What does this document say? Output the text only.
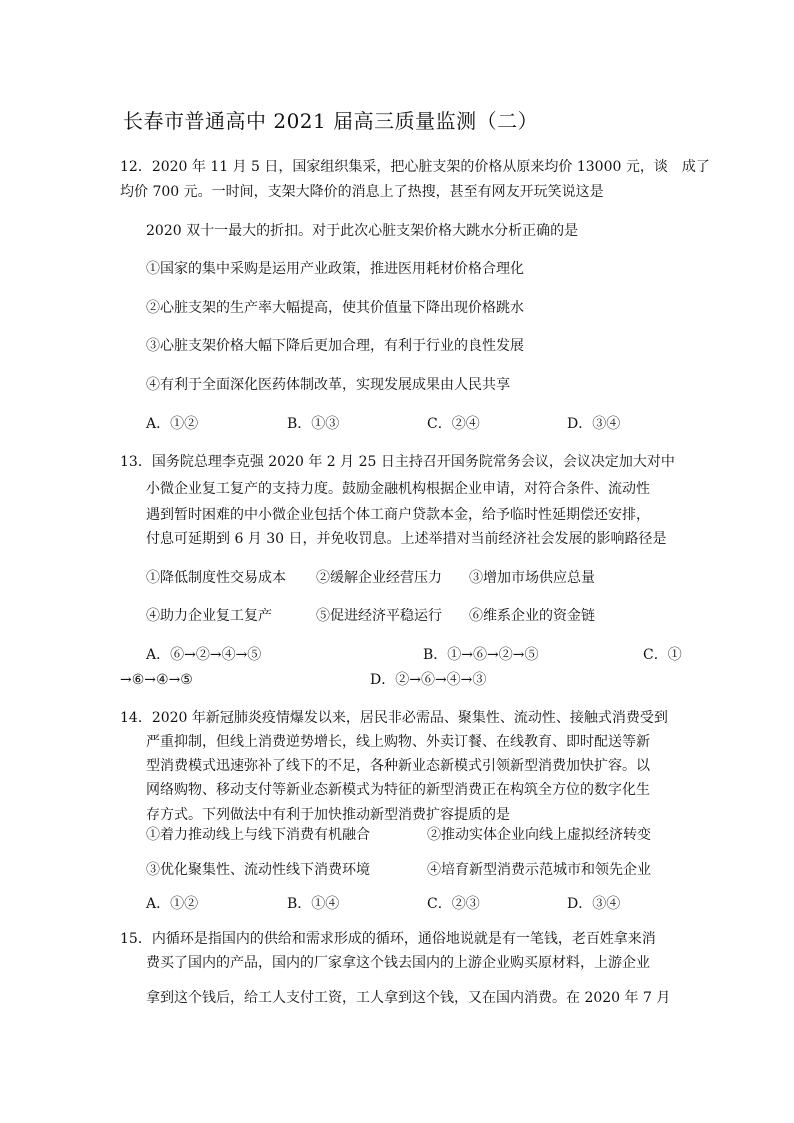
长春市普通高中 2021 届高三质量监测（二）
12．2020 年 11 月 5 日，国家组织集采，把心脏支架的价格从原来均价 13000 元，谈　成了
均价 700 元。一时间，支架大降价的消息上了热搜，甚至有网友开玩笑说这是
2020 双十一最大的折扣。对于此次心脏支架价格大跳水分析正确的是
①国家的集中采购是运用产业政策，推进医用耗材价格合理化
②心脏支架的生产率大幅提高，使其价值量下降出现价格跳水
③心脏支架价格大幅下降后更加合理，有利于行业的良性发展
④有利于全面深化医药体制改革，实现发展成果由人民共享
A．①②	B．①③	C．②④	D．③④
13．国务院总理李克强 2020 年 2 月 25 日主持召开国务院常务会议，会议决定加大对中
小微企业复工复产的支持力度。鼓励金融机构根据企业申请，对符合条件、流动性
遇到暂时困难的中小微企业包括个体工商户贷款本金，给予临时性延期偿还安排，
付息可延期到 6 月 30 日，并免收罚息。上述举措对当前经济社会发展的影响路径是
①降低制度性交易成本 ②缓解企业经营压力 ③增加市场供应总量
④助力企业复工复产	⑤促进经济平稳运行 ⑥维系企业的资金链
A．⑥→②→④→⑤	B．①→⑥→②→⑤	C．①
→⑥→④→⑤	D．②→⑥→④→③
14．2020 年新冠肺炎疫情爆发以来，居民非必需品、聚集性、流动性、接触式消费受到
严重抑制，但线上消费逆势增长，线上购物、外卖订餐、在线教育、即时配送等新
型消费模式迅速弥补了线下的不足，各种新业态新模式引领新型消费加快扩容。以
网络购物、移动支付等新业态新模式为特征的新型消费正在构筑全方位的数字化生
存方式。下列做法中有利于加快推动新型消费扩容提质的是
①着力推动线上与线下消费有机融合	②推动实体企业向线上虚拟经济转变
③优化聚集性、流动性线下消费环境	④培育新型消费示范城市和领先企业
A．①②	B．①④	C．②③	D．③④
15．内循环是指国内的供给和需求形成的循环，通俗地说就是有一笔钱，老百姓拿来消
费买了国内的产品，国内的厂家拿这个钱去国内的上游企业购买原材料，上游企业
拿到这个钱后，给工人支付工资，工人拿到这个钱，又在国内消费。在 2020 年 7 月
